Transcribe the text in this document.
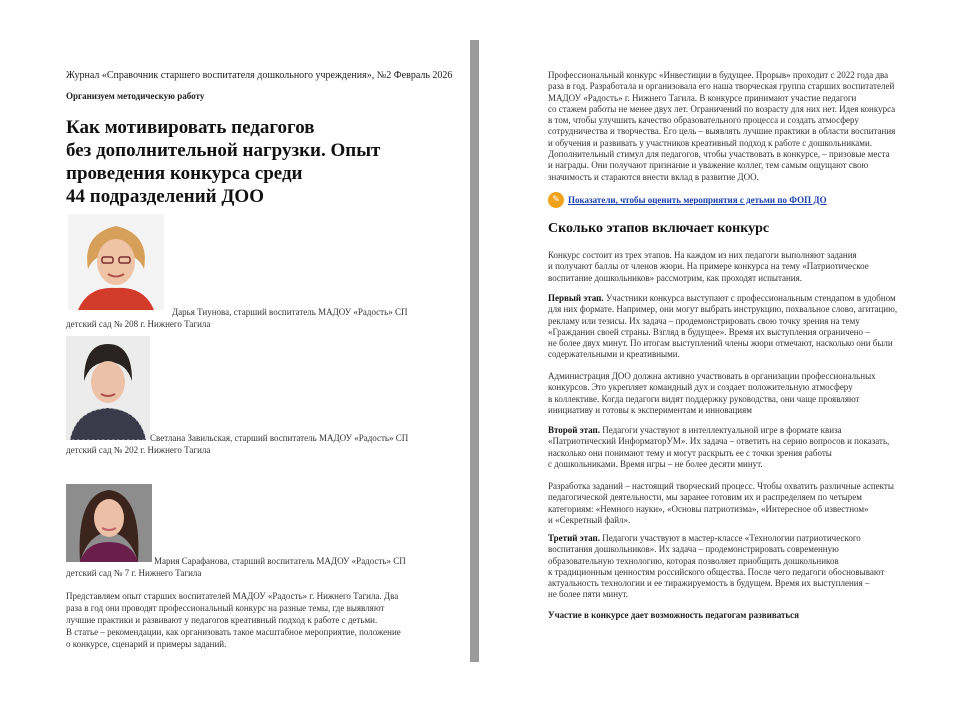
Журнал «Справочник старшего воспитателя дошкольного учреждения», №2 Февраль 2026
Организуем методическую работу
Как мотивировать педагогов
без дополнительной нагрузки. Опыт
проведения конкурса среди
44 подразделений ДОО
Дарья Тиунова, старший воспитатель МАДОУ «Радость» СП
детский сад № 208 г. Нижнего Тагила
Светлана Завильская, старший воспитатель МАДОУ «Радость» СП
детский сад № 202 г. Нижнего Тагила
Мария Сарафанова, старший воспитатель МАДОУ «Радость» СП
детский сад № 7 г. Нижнего Тагила
Представляем опыт старших воспитателей МАДОУ «Радость» г. Нижнего Тагила. Два
раза в год они проводят профессиональный конкурс на разные темы, где выявляют
лучшие практики и развивают у педагогов креативный подход к работе с детьми.
В статье – рекомендации, как организовать такое масштабное мероприятие, положение
о конкурсе, сценарий и примеры заданий.
Профессиональный конкурс «Инвестиции в будущее. Прорыв» проходит с 2022 года два
раза в год. Разработала и организовала его наша творческая группа старших воспитателей
МАДОУ «Радость» г. Нижнего Тагила. В конкурсе принимают участие педагоги
со стажем работы не менее двух лет. Ограничений по возрасту для них нет. Идея конкурса
в том, чтобы улучшить качество образовательного процесса и создать атмосферу
сотрудничества и творчества. Его цель – выявлять лучшие практики в области воспитания
и обучения и развивать у участников креативный подход к работе с дошкольниками.
Дополнительный стимул для педагогов, чтобы участвовать в конкурсе, – призовые места
и награды. Они получают признание и уважение коллег, тем самым ощущают свою
значимость и стараются внести вклад в развитие ДОО.
✎ Показатели, чтобы оценить мероприятия с детьми по ФОП ДО
Сколько этапов включает конкурс
Конкурс состоит из трех этапов. На каждом из них педагоги выполняют задания
и получают баллы от членов жюри. На примере конкурса на тему «Патриотическое
воспитание дошкольников» рассмотрим, как проходят испытания.
Первый этап. Участники конкурса выступают с профессиональным стендапом в удобном
для них формате. Например, они могут выбрать инструкцию, похвальное слово, агитацию,
рекламу или тезисы. Их задача – продемонстрировать свою точку зрения на тему
«Гражданин своей страны. Взгляд в будущее». Время их выступления ограничено –
не более двух минут. По итогам выступлений члены жюри отмечают, насколько они были
содержательными и креативными.
Администрация ДОО должна активно участвовать в организации профессиональных
конкурсов. Это укрепляет командный дух и создает положительную атмосферу
в коллективе. Когда педагоги видят поддержку руководства, они чаще проявляют
инициативу и готовы к экспериментам и инновациям
Второй этап. Педагоги участвуют в интеллектуальной игре в формате квиза
«Патриотический ИнформаторУМ». Их задача – ответить на серию вопросов и показать,
насколько они понимают тему и могут раскрыть ее с точки зрения работы
с дошкольниками. Время игры – не более десяти минут.
Разработка заданий – настоящий творческий процесс. Чтобы охватить различные аспекты
педагогической деятельности, мы заранее готовим их и распределяем по четырем
категориям: «Немного науки», «Основы патриотизма», «Интересное об известном»
и «Секретный файл».
Третий этап. Педагоги участвуют в мастер-классе «Технологии патриотического
воспитания дошкольников». Их задача – продемонстрировать современную
образовательную технологию, которая позволяет приобщить дошкольников
к традиционным ценностям российского общества. После чего педагоги обосновывают
актуальность технологии и ее тиражируемость в будущем. Время их выступления –
не более пяти минут.
Участие в конкурсе дает возможность педагогам развиваться
